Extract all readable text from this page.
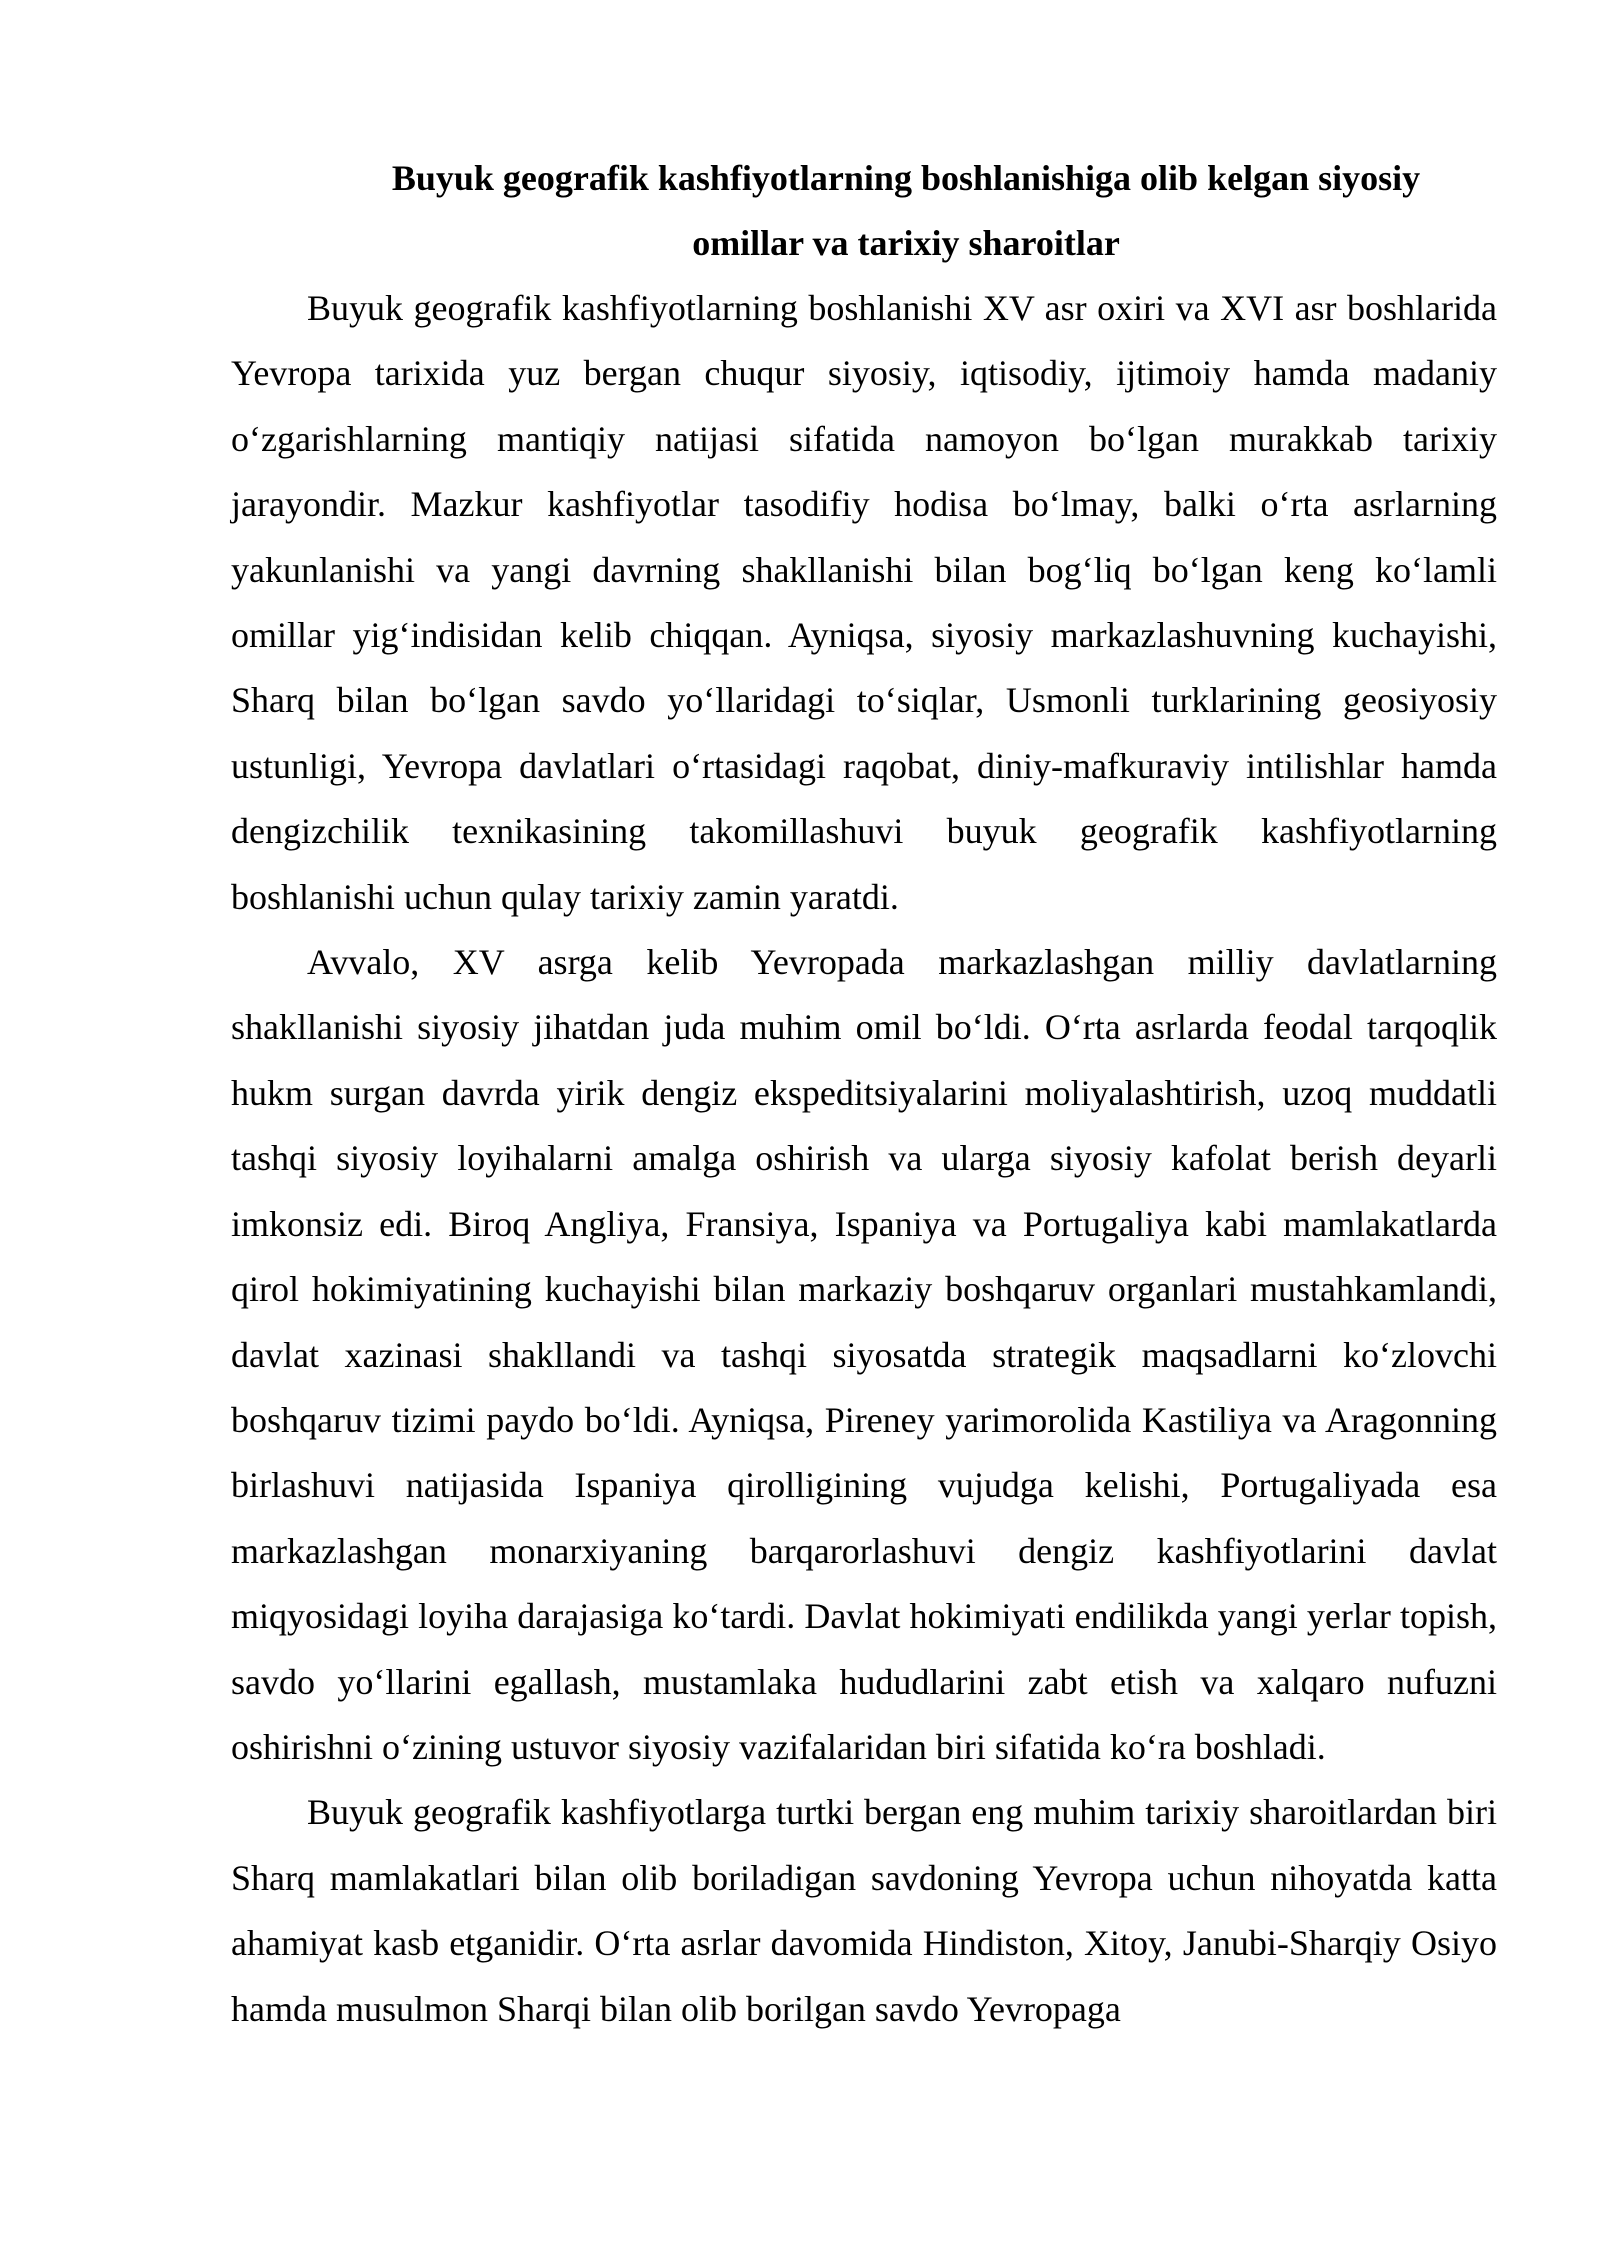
Buyuk geografik kashfiyotlarning boshlanishiga olib kelgan siyosiy
omillar va tarixiy sharoitlar

Buyuk geografik kashfiyotlarning boshlanishi XV asr oxiri va XVI asr boshlarida Yevropa tarixida yuz bergan chuqur siyosiy, iqtisodiy, ijtimoiy hamda madaniy oʻzgarishlarning mantiqiy natijasi sifatida namoyon boʻlgan murakkab tarixiy jarayondir. Mazkur kashfiyotlar tasodifiy hodisa boʻlmay, balki oʻrta asrlarning yakunlanishi va yangi davrning shakllanishi bilan bogʻliq boʻlgan keng koʻlamli omillar yigʻindisidan kelib chiqqan. Ayniqsa, siyosiy markazlashuvning kuchayishi, Sharq bilan boʻlgan savdo yoʻllaridagi toʻsiqlar, Usmonli turklarining geosiyosiy ustunligi, Yevropa davlatlari oʻrtasidagi raqobat, diniy-mafkuraviy intilishlar hamda dengizchilik texnikasining takomillashuvi buyuk geografik kashfiyotlarning boshlanishi uchun qulay tarixiy zamin yaratdi.

Avvalo, XV asrga kelib Yevropada markazlashgan milliy davlatlarning shakllanishi siyosiy jihatdan juda muhim omil boʻldi. Oʻrta asrlarda feodal tarqoqlik hukm surgan davrda yirik dengiz ekspeditsiyalarini moliyalashtirish, uzoq muddatli tashqi siyosiy loyihalarni amalga oshirish va ularga siyosiy kafolat berish deyarli imkonsiz edi. Biroq Angliya, Fransiya, Ispaniya va Portugaliya kabi mamlakatlarda qirol hokimiyatining kuchayishi bilan markaziy boshqaruv organlari mustahkamlandi, davlat xazinasi shakllandi va tashqi siyosatda strategik maqsadlarni koʻzlovchi boshqaruv tizimi paydo boʻldi. Ayniqsa, Pireney yarimorolida Kastiliya va Aragonning birlashuvi natijasida Ispaniya qirolligining vujudga kelishi, Portugaliyada esa markazlashgan monarxiyaning barqarorlashuvi dengiz kashfiyotlarini davlat miqyosidagi loyiha darajasiga koʻtardi. Davlat hokimiyati endilikda yangi yerlar topish, savdo yoʻllarini egallash, mustamlaka hududlarini zabt etish va xalqaro nufuzni oshirishni oʻzining ustuvor siyosiy vazifalaridan biri sifatida koʻra boshladi.

Buyuk geografik kashfiyotlarga turtki bergan eng muhim tarixiy sharoitlardan biri Sharq mamlakatlari bilan olib boriladigan savdoning Yevropa uchun nihoyatda katta ahamiyat kasb etganidir. Oʻrta asrlar davomida Hindiston, Xitoy, Janubi-Sharqiy Osiyo hamda musulmon Sharqi bilan olib borilgan savdo Yevropaga
